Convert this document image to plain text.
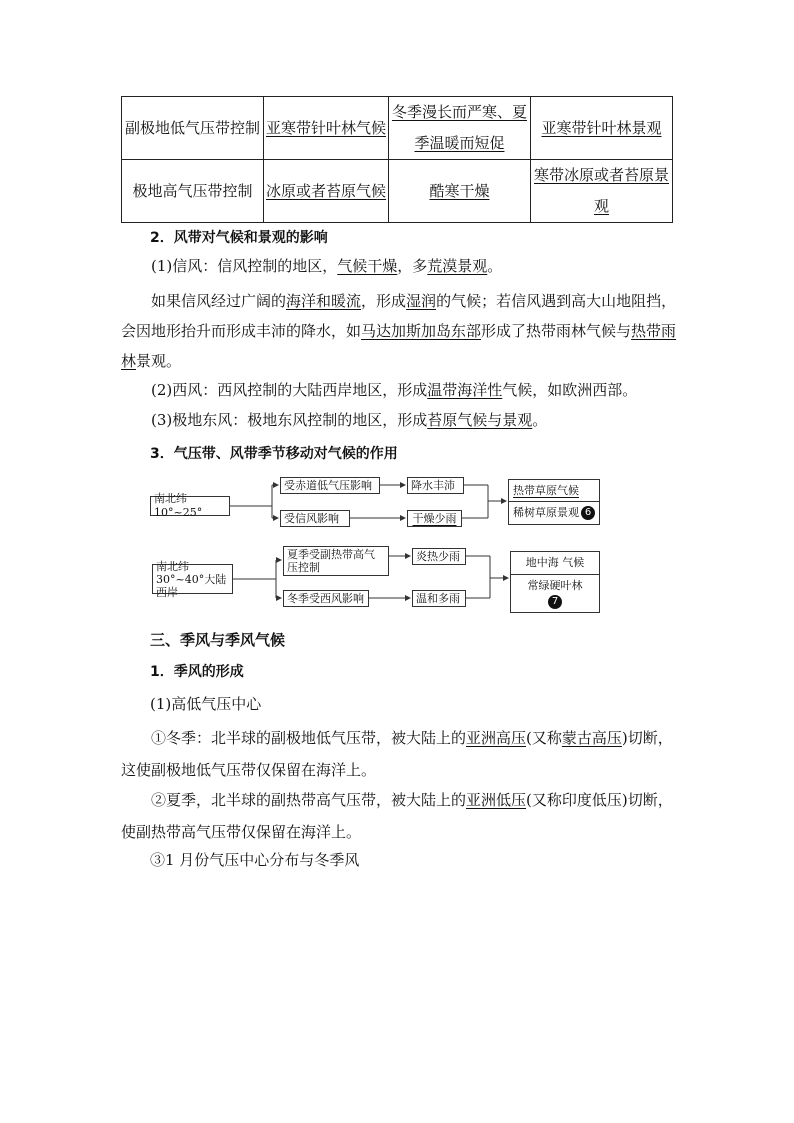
副极地低气压带控制	亚寒带针叶林气候	冬季漫长而严寒、夏季温暖而短促	亚寒带针叶林景观
极地高气压带控制	冰原或者苔原气候	酷寒干燥	寒带冰原或者苔原景观

2．风带对气候和景观的影响

(1)信风：信风控制的地区，气候干燥，多荒漠景观。

如果信风经过广阔的海洋和暖流，形成湿润的气候；若信风遇到高大山地阻挡，会因地形抬升而形成丰沛的降水，如马达加斯加岛东部形成了热带雨林气候与热带雨林景观。

(2)西风：西风控制的大陆西岸地区，形成温带海洋性气候，如欧洲西部。

(3)极地东风：极地东风控制的地区，形成苔原气候与景观。

3．气压带、风带季节移动对气候的作用

南北纬10°~25°
受赤道低气压影响
受信风影响
降水丰沛
干燥少雨
热带草原气候
稀树草原景观 6
南北纬30°~40°大陆西岸
夏季受副热带高气压控制
冬季受西风影响
炎热少雨
温和多雨
地中海 气候
常绿硬叶林
7

三、季风与季风气候

1．季风的形成

(1)高低气压中心

①冬季：北半球的副极地低气压带，被大陆上的亚洲高压(又称蒙古高压)切断，这使副极地低气压带仅保留在海洋上。

②夏季，北半球的副热带高气压带，被大陆上的亚洲低压(又称印度低压)切断，使副热带高气压带仅保留在海洋上。

③1 月份气压中心分布与冬季风
